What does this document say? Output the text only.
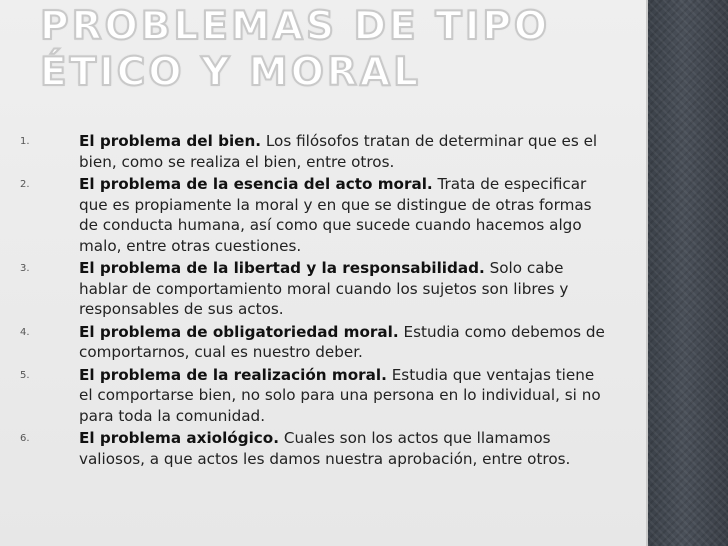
PROBLEMAS DE TIPO ÉTICO Y MORAL
1.	El problema del bien. Los filósofos tratan de determinar que es el bien, como se realiza el bien, entre otros.
2.	El problema de la esencia del acto moral. Trata de especificar que es propiamente la moral y en que se distingue de otras formas de conducta humana, así como que sucede cuando hacemos algo malo, entre otras cuestiones.
3.	El problema de la libertad y la responsabilidad. Solo cabe hablar de comportamiento moral cuando los sujetos son libres y responsables de sus actos.
4.	El problema de obligatoriedad moral. Estudia como debemos de comportarnos, cual es nuestro deber.
5.	El problema de la realización moral. Estudia que ventajas tiene el comportarse bien, no solo para una persona en lo individual, si no para toda la comunidad.
6.	El problema axiológico. Cuales son los actos que llamamos valiosos, a que actos les damos nuestra aprobación, entre otros.
